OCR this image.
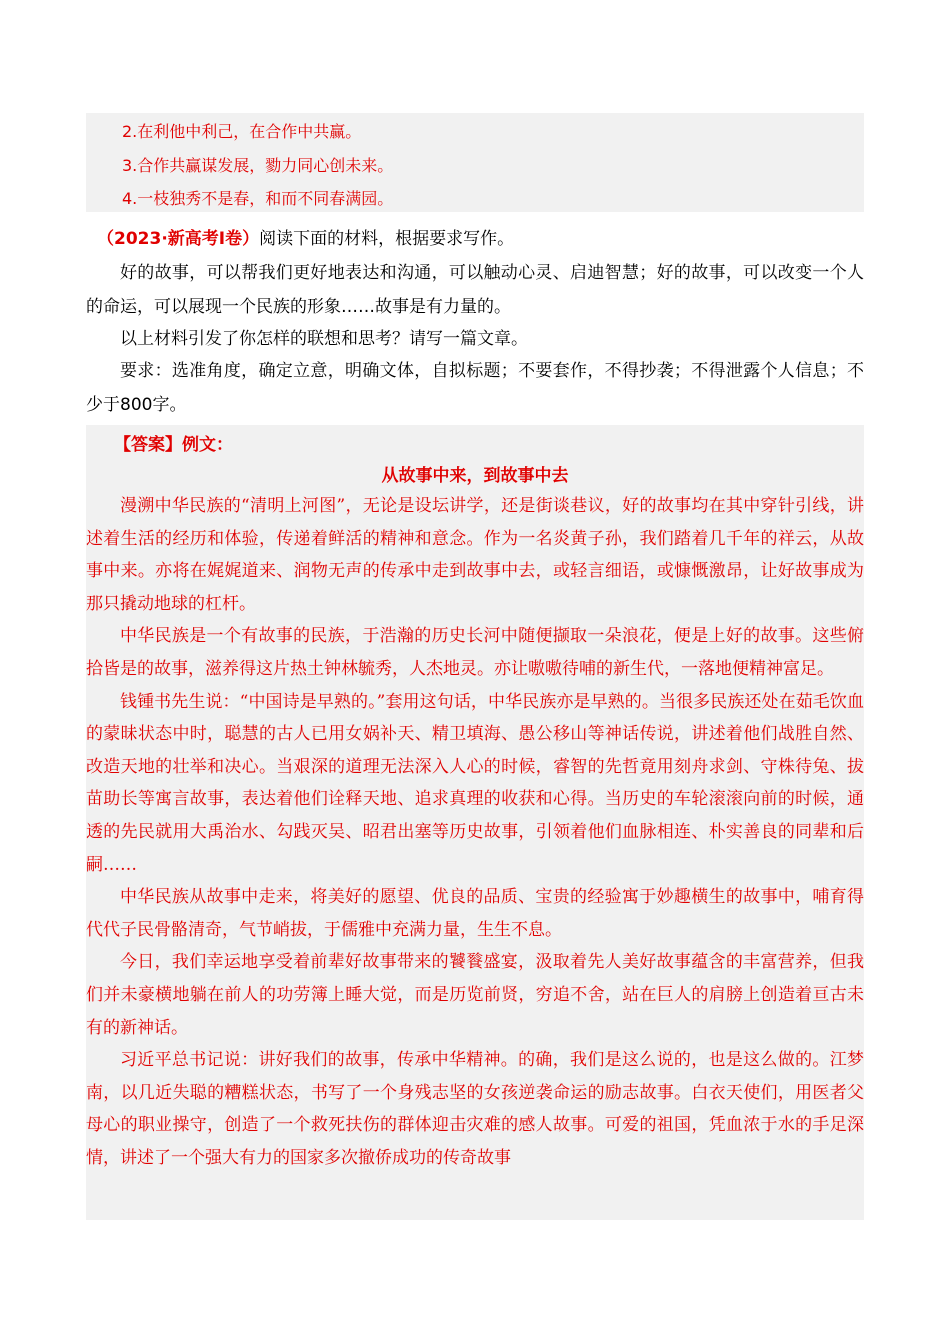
2.在利他中利己，在合作中共赢。
3.合作共赢谋发展，勠力同心创未来。
4.一枝独秀不是春，和而不同春满园。
（2023·新高考Ⅰ卷）阅读下面的材料，根据要求写作。

好的故事，可以帮我们更好地表达和沟通，可以触动心灵、启迪智慧；好的故事，可以改变一个人的命运，可以展现一个民族的形象……故事是有力量的。

以上材料引发了你怎样的联想和思考？请写一篇文章。

要求：选准角度，确定立意，明确文体，自拟标题；不要套作，不得抄袭；不得泄露个人信息；不少于800字。

【答案】例文：
从故事中来，到故事中去

漫溯中华民族的“清明上河图”，无论是设坛讲学，还是街谈巷议，好的故事均在其中穿针引线，讲述着生活的经历和体验，传递着鲜活的精神和意念。作为一名炎黄子孙，我们踏着几千年的祥云，从故事中来。亦将在娓娓道来、润物无声的传承中走到故事中去，或轻言细语，或慷慨激昂，让好故事成为那只撬动地球的杠杆。

中华民族是一个有故事的民族，于浩瀚的历史长河中随便撷取一朵浪花，便是上好的故事。这些俯拾皆是的故事，滋养得这片热土钟林毓秀，人杰地灵。亦让嗷嗷待哺的新生代，一落地便精神富足。

钱锺书先生说：“中国诗是早熟的。”套用这句话，中华民族亦是早熟的。当很多民族还处在茹毛饮血的蒙昧状态中时，聪慧的古人已用女娲补天、精卫填海、愚公移山等神话传说，讲述着他们战胜自然、改造天地的壮举和决心。当艰深的道理无法深入人心的时候，睿智的先哲竟用刻舟求剑、守株待兔、拔苗助长等寓言故事，表达着他们诠释天地、追求真理的收获和心得。当历史的车轮滚滚向前的时候，通透的先民就用大禹治水、勾践灭吴、昭君出塞等历史故事，引领着他们血脉相连、朴实善良的同辈和后嗣……

中华民族从故事中走来，将美好的愿望、优良的品质、宝贵的经验寓于妙趣横生的故事中，哺育得代代子民骨骼清奇，气节峭拔，于儒雅中充满力量，生生不息。

今日，我们幸运地享受着前辈好故事带来的饕餮盛宴，汲取着先人美好故事蕴含的丰富营养，但我们并未豪横地躺在前人的功劳簿上睡大觉，而是历览前贤，穷追不舍，站在巨人的肩膀上创造着亘古未有的新神话。

习近平总书记说：讲好我们的故事，传承中华精神。的确，我们是这么说的，也是这么做的。江梦南，以几近失聪的糟糕状态，书写了一个身残志坚的女孩逆袭命运的励志故事。白衣天使们，用医者父母心的职业操守，创造了一个救死扶伤的群体迎击灾难的感人故事。可爱的祖国，凭血浓于水的手足深情，讲述了一个强大有力的国家多次撤侨成功的传奇故事
